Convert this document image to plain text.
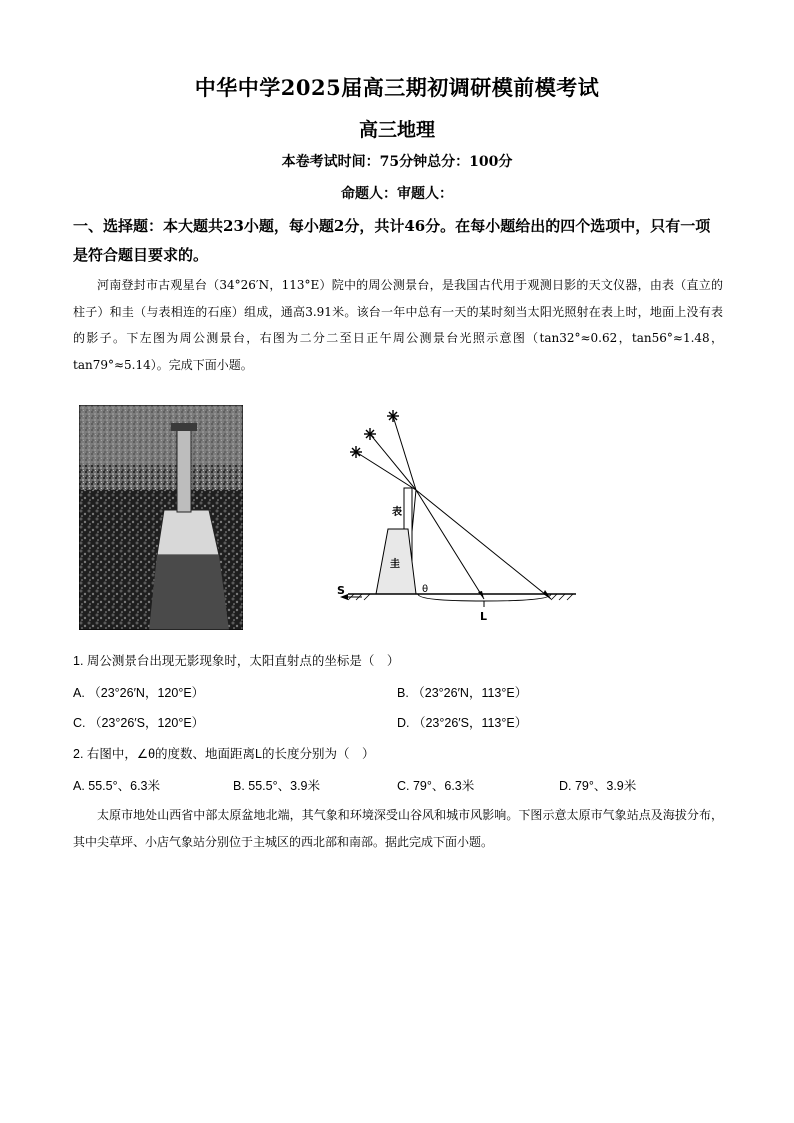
中华中学2025届高三期初调研模前模考试
高三地理
本卷考试时间：75分钟总分：100分
命题人：审题人：
一、选择题：本大题共23小题，每小题2分，共计46分。在每小题给出的四个选项中，只有一项是符合题目要求的。
河南登封市古观星台（34°26′N，113°E）院中的周公测景台，是我国古代用于观测日影的天文仪器，由表（直立的柱子）和圭（与表相连的石座）组成，通高3.91米。该台一年中总有一天的某时刻当太阳光照射在表上时，地面上没有表的影子。下左图为周公测景台，右图为二分二至日正午周公测景台光照示意图（tan32°≈0.62，tan56°≈1.48，tan79°≈5.14）。完成下面小题。
S
表
圭
θ
L
1. 周公测景台出现无影现象时，太阳直射点的坐标是（　）
A. （23°26′N，120°E）	B. （23°26′N，113°E）
C. （23°26′S，120°E）	D. （23°26′S，113°E）
2. 右图中，∠θ的度数、地面距离L的长度分别为（　）
A. 55.5°、6.3米	B. 55.5°、3.9米	C. 79°、6.3米	D. 79°、3.9米
太原市地处山西省中部太原盆地北端，其气象和环境深受山谷风和城市风影响。下图示意太原市气象站点及海拔分布，其中尖草坪、小店气象站分别位于主城区的西北部和南部。据此完成下面小题。
